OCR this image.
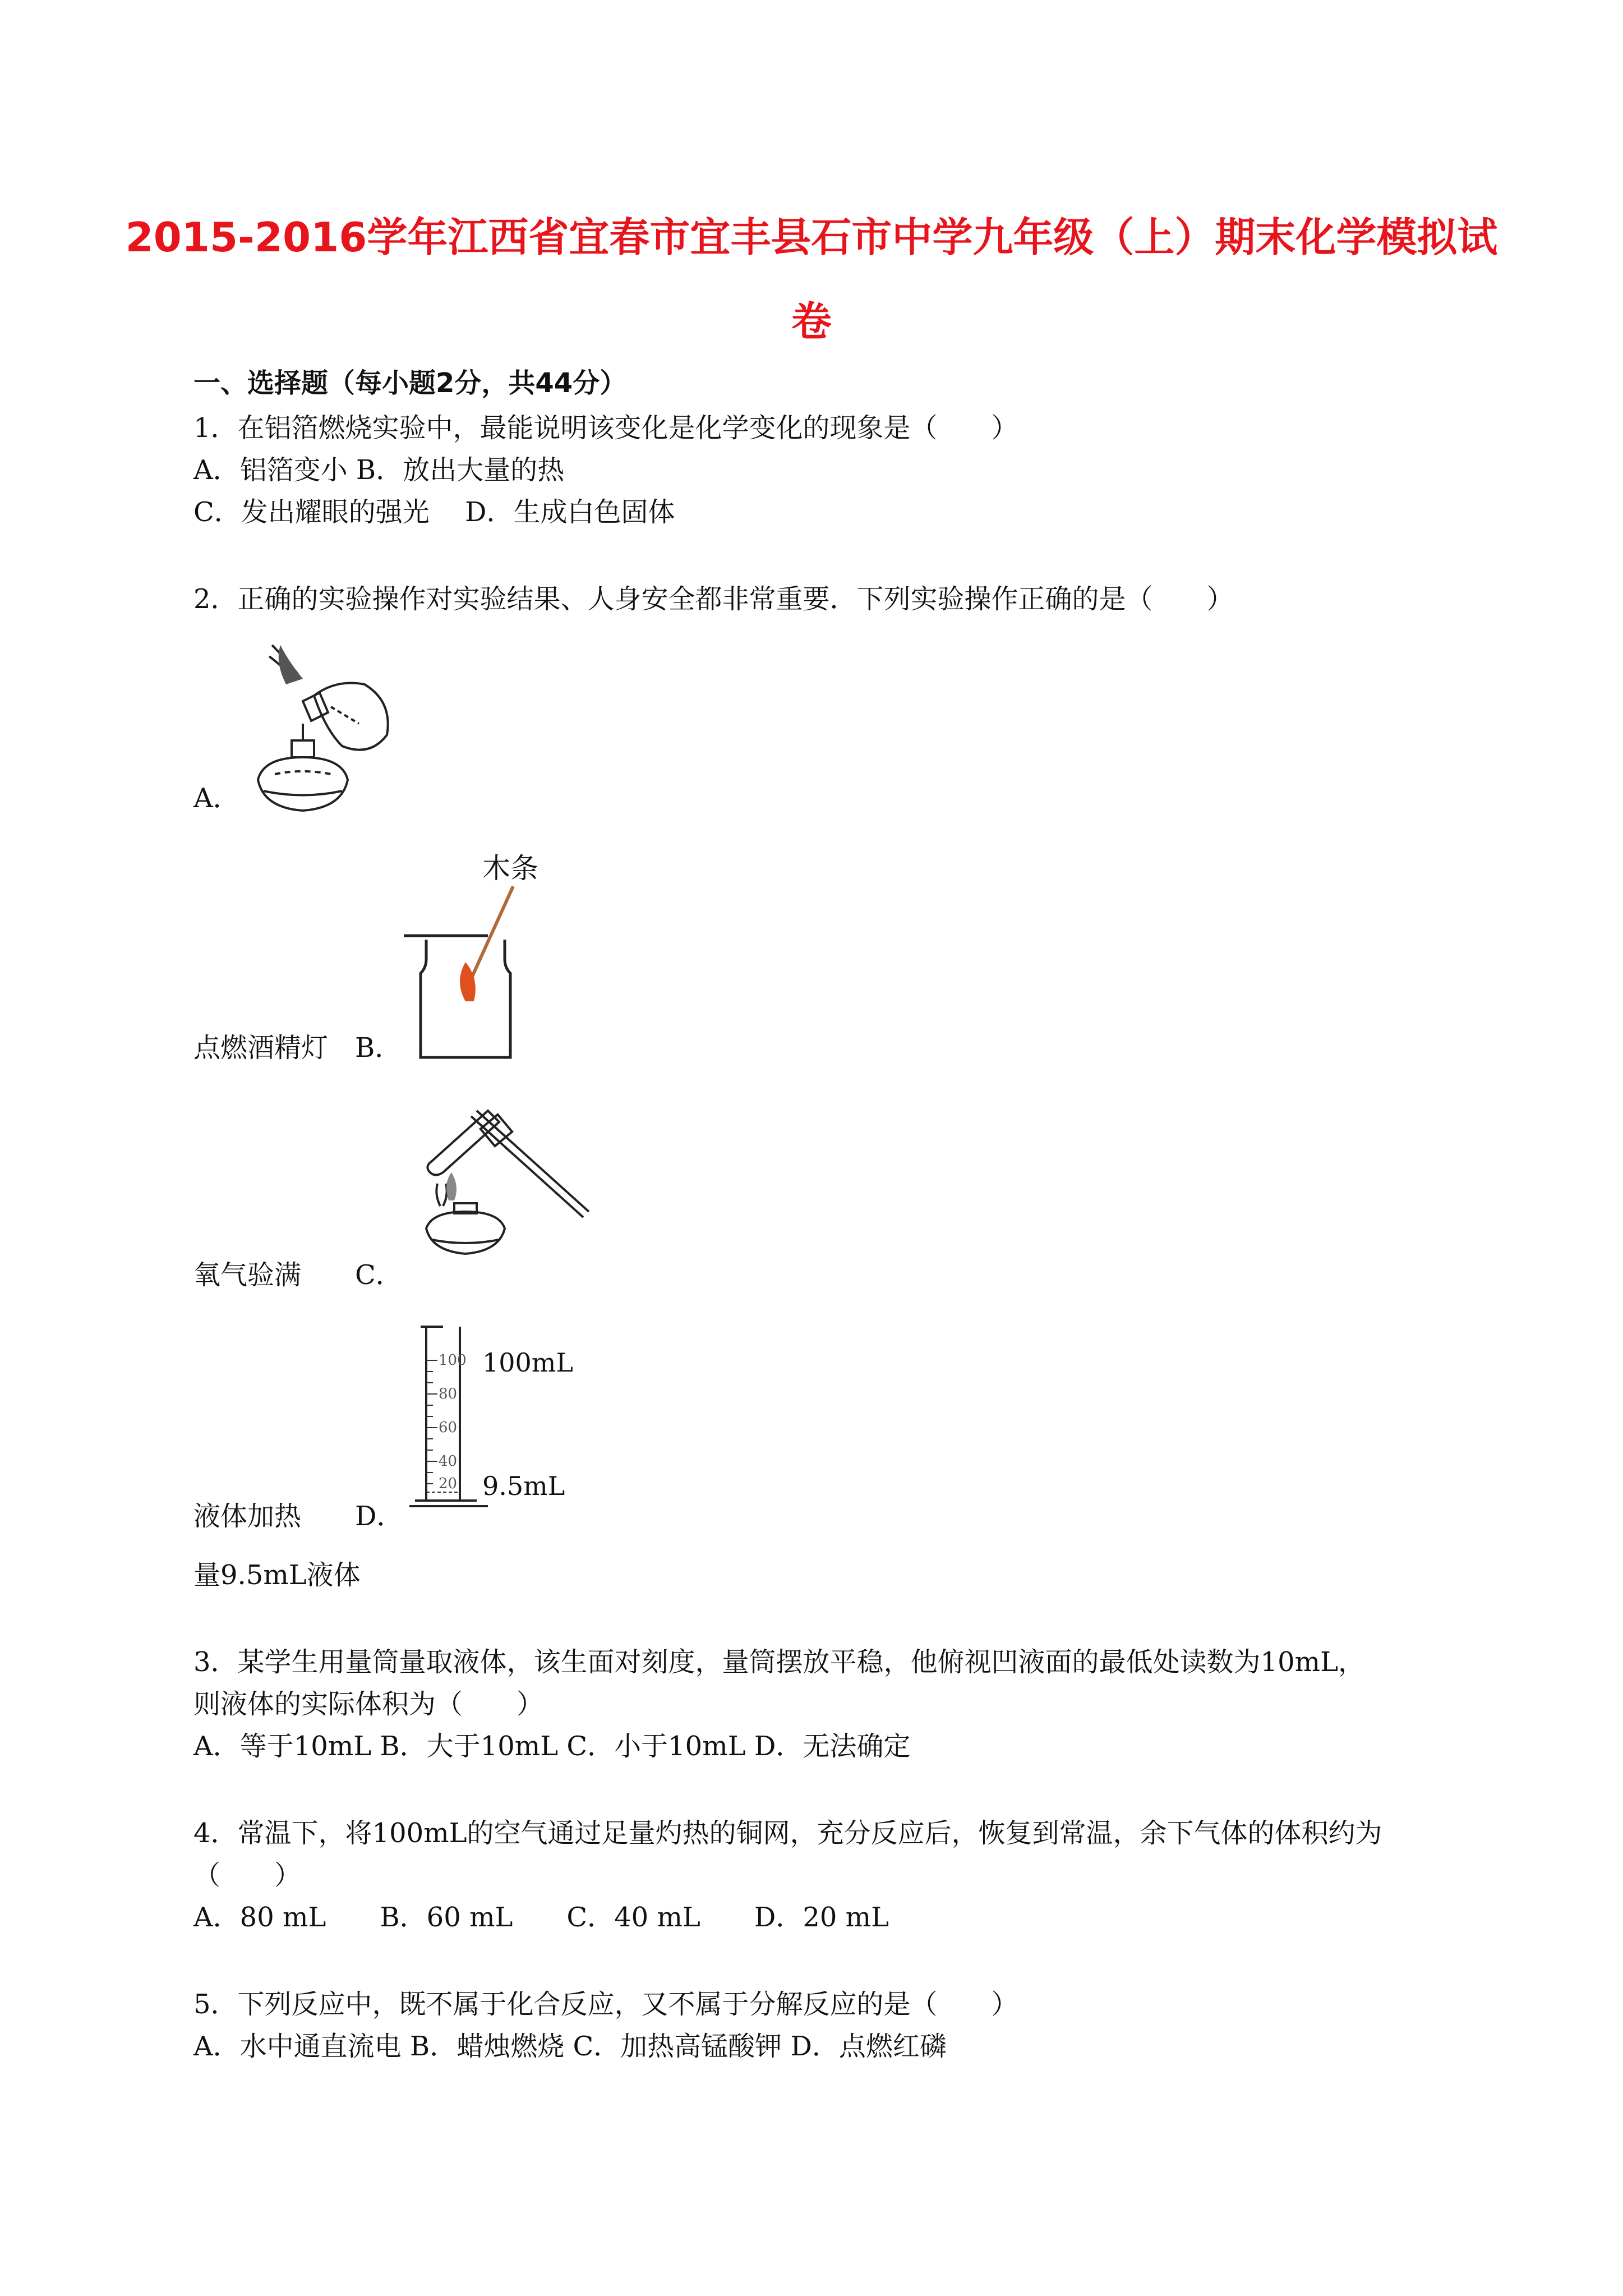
2015-2016学年江西省宜春市宜丰县石市中学九年级（上）期末化学模拟试
卷
一、选择题（每小题2分，共44分）
1．在铝箔燃烧实验中，最能说明该变化是化学变化的现象是（　　）
A．铝箔变小 B．放出大量的热
C．发出耀眼的强光　 D．生成白色固体
2．正确的实验操作对实验结果、人身安全都非常重要．下列实验操作正确的是（　　）
A．
木条
点燃酒精灯　 B．
氧气验满　　 C．
100
80
60
40
20
100mL
9.5mL
液体加热　　 D．
量9.5mL液体
3．某学生用量筒量取液体，该生面对刻度，量筒摆放平稳，他俯视凹液面的最低处读数为10mL，
则液体的实际体积为（　　）
A．等于10mL B．大于10mL C．小于10mL D．无法确定
4．常温下，将100mL的空气通过足量灼热的铜网，充分反应后，恢复到常温，余下气体的体积约为
（　　）
A．80 mL　　B．60 mL　　C．40 mL　　D．20 mL
5．下列反应中，既不属于化合反应，又不属于分解反应的是（　　）
A．水中通直流电 B．蜡烛燃烧 C．加热高锰酸钾 D．点燃红磷
